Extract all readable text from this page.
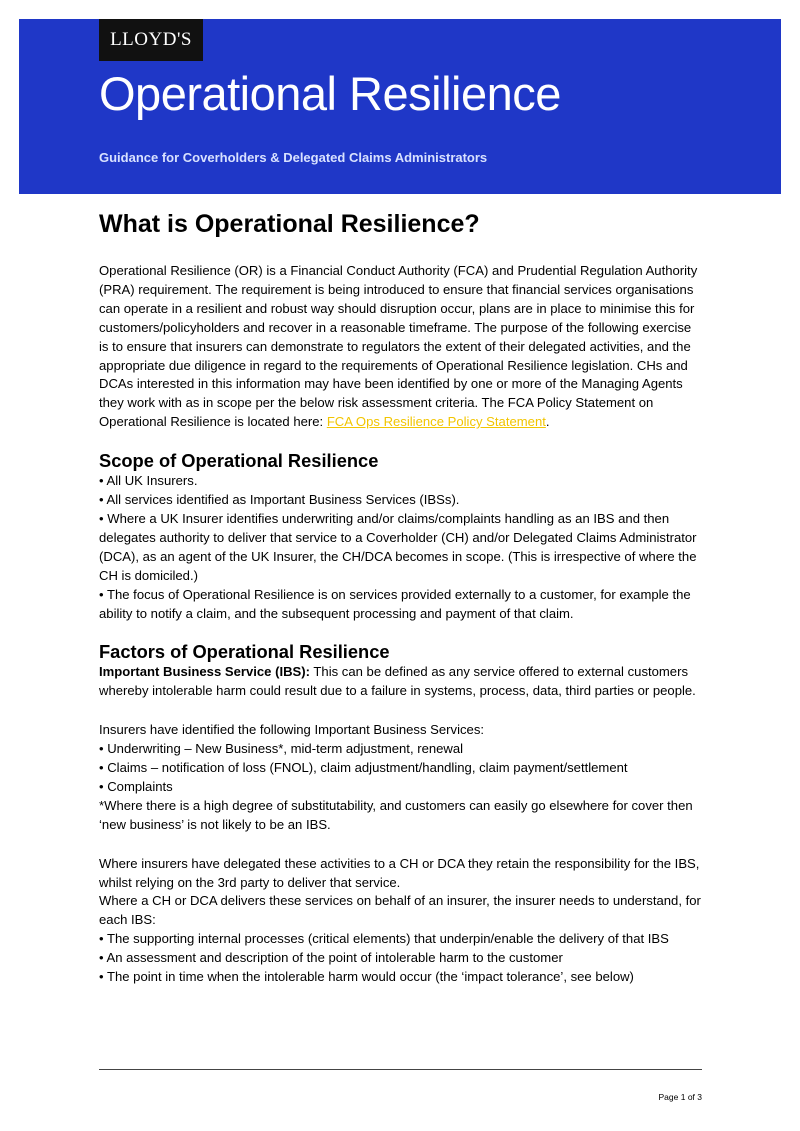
LLOYD'S
Operational Resilience

Guidance for Coverholders & Delegated Claims Administrators

What is Operational Resilience?

Operational Resilience (OR) is a Financial Conduct Authority (FCA) and Prudential Regulation Authority (PRA) requirement. The requirement is being introduced to ensure that financial services organisations can operate in a resilient and robust way should disruption occur, plans are in place to minimise this for customers/policyholders and recover in a reasonable timeframe. The purpose of the following exercise is to ensure that insurers can demonstrate to regulators the extent of their delegated activities, and the appropriate due diligence in regard to the requirements of Operational Resilience legislation. CHs and DCAs interested in this information may have been identified by one or more of the Managing Agents they work with as in scope per the below risk assessment criteria. The FCA Policy Statement on Operational Resilience is located here: FCA Ops Resilience Policy Statement.

Scope of Operational Resilience

• All UK Insurers.

• All services identified as Important Business Services (IBSs).

• Where a UK Insurer identifies underwriting and/or claims/complaints handling as an IBS and then delegates authority to deliver that service to a Coverholder (CH) and/or Delegated Claims Administrator (DCA), as an agent of the UK Insurer, the CH/DCA becomes in scope. (This is irrespective of where the CH is domiciled.)

• The focus of Operational Resilience is on services provided externally to a customer, for example the ability to notify a claim, and the subsequent processing and payment of that claim.

Factors of Operational Resilience

Important Business Service (IBS): This can be defined as any service offered to external customers whereby intolerable harm could result due to a failure in systems, process, data, third parties or people.

Insurers have identified the following Important Business Services:

• Underwriting – New Business*, mid-term adjustment, renewal

• Claims – notification of loss (FNOL), claim adjustment/handling, claim payment/settlement

• Complaints

*Where there is a high degree of substitutability, and customers can easily go elsewhere for cover then ‘new business’ is not likely to be an IBS.

Where insurers have delegated these activities to a CH or DCA they retain the responsibility for the IBS, whilst relying on the 3rd party to deliver that service.

Where a CH or DCA delivers these services on behalf of an insurer, the insurer needs to understand, for each IBS:

• The supporting internal processes (critical elements) that underpin/enable the delivery of that IBS

• An assessment and description of the point of intolerable harm to the customer

• The point in time when the intolerable harm would occur (the ‘impact tolerance’, see below)

Page 1 of 3
